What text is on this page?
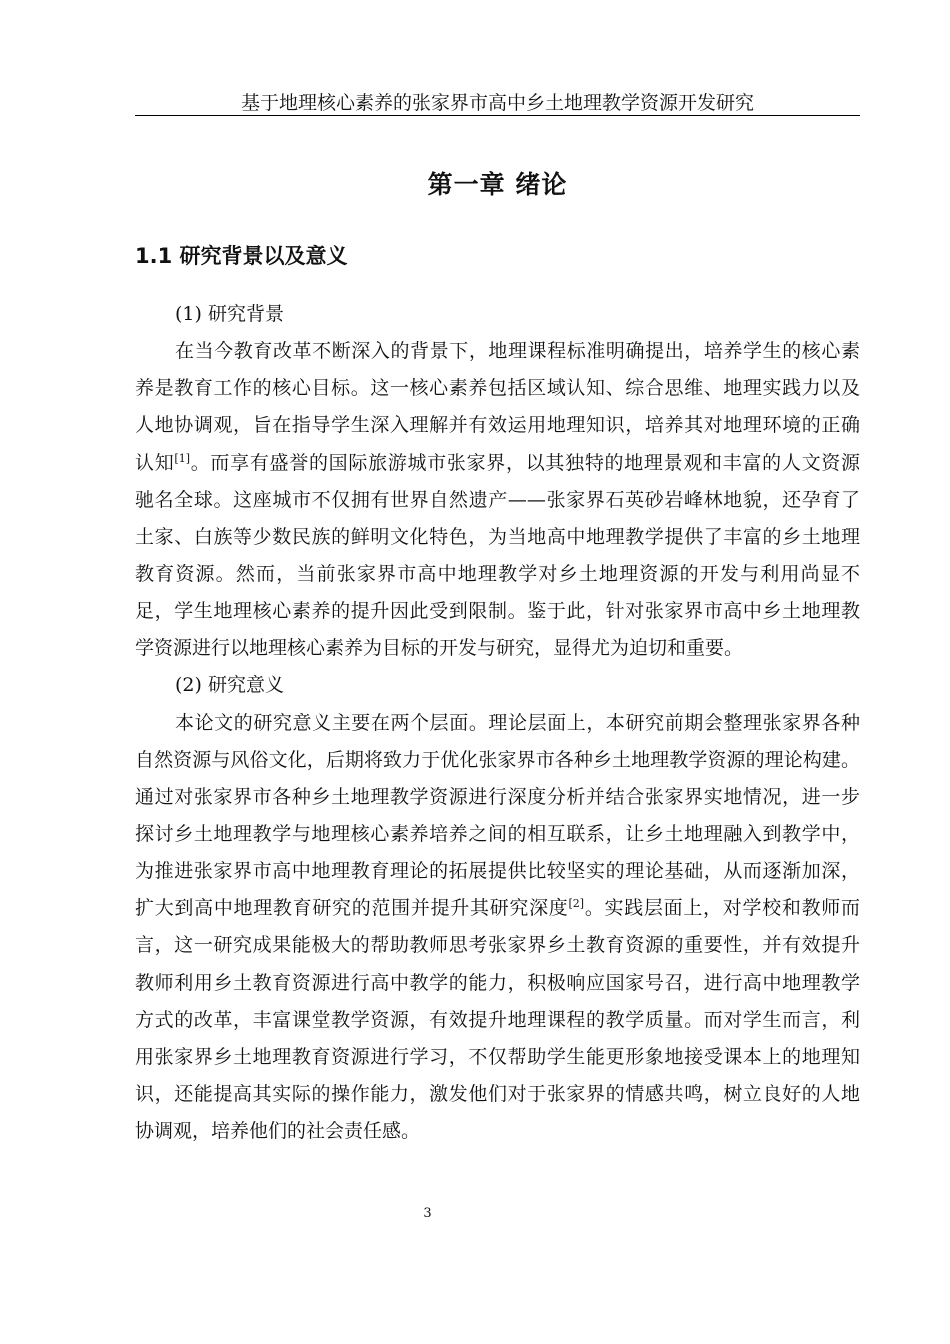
基于地理核心素养的张家界市高中乡土地理教学资源开发研究
第一章 绪论
1.1 研究背景以及意义
(1) 研究背景
在当今教育改革不断深入的背景下，地理课程标准明确提出，培养学生的核心素
养是教育工作的核心目标。这一核心素养包括区域认知、综合思维、地理实践力以及
人地协调观，旨在指导学生深入理解并有效运用地理知识，培养其对地理环境的正确
认知[1]。而享有盛誉的国际旅游城市张家界，以其独特的地理景观和丰富的人文资源
驰名全球。这座城市不仅拥有世界自然遗产——张家界石英砂岩峰林地貌，还孕育了
土家、白族等少数民族的鲜明文化特色，为当地高中地理教学提供了丰富的乡土地理
教育资源。然而，当前张家界市高中地理教学对乡土地理资源的开发与利用尚显不
足，学生地理核心素养的提升因此受到限制。鉴于此，针对张家界市高中乡土地理教
学资源进行以地理核心素养为目标的开发与研究，显得尤为迫切和重要。
(2) 研究意义
本论文的研究意义主要在两个层面。理论层面上，本研究前期会整理张家界各种
自然资源与风俗文化，后期将致力于优化张家界市各种乡土地理教学资源的理论构建。
通过对张家界市各种乡土地理教学资源进行深度分析并结合张家界实地情况，进一步
探讨乡土地理教学与地理核心素养培养之间的相互联系，让乡土地理融入到教学中，
为推进张家界市高中地理教育理论的拓展提供比较坚实的理论基础，从而逐渐加深，
扩大到高中地理教育研究的范围并提升其研究深度[2]。实践层面上，对学校和教师而
言，这一研究成果能极大的帮助教师思考张家界乡土教育资源的重要性，并有效提升
教师利用乡土教育资源进行高中教学的能力，积极响应国家号召，进行高中地理教学
方式的改革，丰富课堂教学资源，有效提升地理课程的教学质量。而对学生而言，利
用张家界乡土地理教育资源进行学习，不仅帮助学生能更形象地接受课本上的地理知
识，还能提高其实际的操作能力，激发他们对于张家界的情感共鸣，树立良好的人地
协调观，培养他们的社会责任感。
3
